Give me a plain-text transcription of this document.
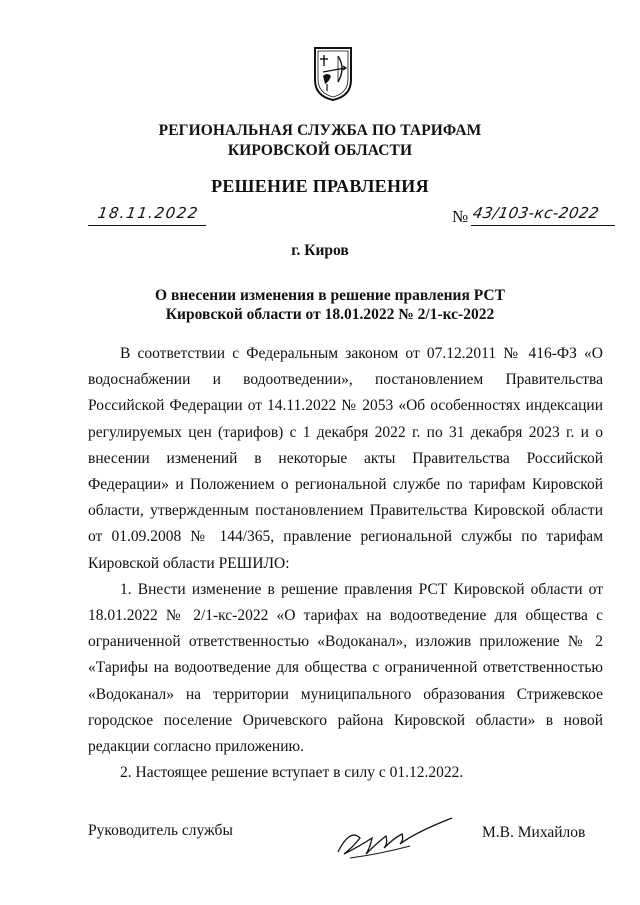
РЕГИОНАЛЬНАЯ СЛУЖБА ПО ТАРИФАМ
КИРОВСКОЙ ОБЛАСТИ
РЕШЕНИЕ ПРАВЛЕНИЯ
18.11.2022	№ 43/103-кс-2022
г. Киров
О внесении изменения в решение правления РСТ Кировской области от 18.01.2022 № 2/1-кс-2022

В соответствии с Федеральным законом от 07.12.2011 № 416-ФЗ «О водоснабжении и водоотведении», постановлением Правительства Российской Федерации от 14.11.2022 № 2053 «Об особенностях индексации регулируемых цен (тарифов) с 1 декабря 2022 г. по 31 декабря 2023 г. и о внесении изменений в некоторые акты Правительства Российской Федерации» и Положением о региональной службе по тарифам Кировской области, утвержденным постановлением Правительства Кировской области от 01.09.2008 № 144/365, правление региональной службы по тарифам Кировской области РЕШИЛО:

1. Внести изменение в решение правления РСТ Кировской области от 18.01.2022 № 2/1-кс-2022 «О тарифах на водоотведение для общества с ограниченной ответственностью «Водоканал», изложив приложение № 2 «Тарифы на водоотведение для общества с ограниченной ответственностью «Водоканал» на территории муниципального образования Стрижевское городское поселение Оричевского района Кировской области» в новой редакции согласно приложению.

2. Настоящее решение вступает в силу с 01.12.2022.

Руководитель службы	М.В. Михайлов
